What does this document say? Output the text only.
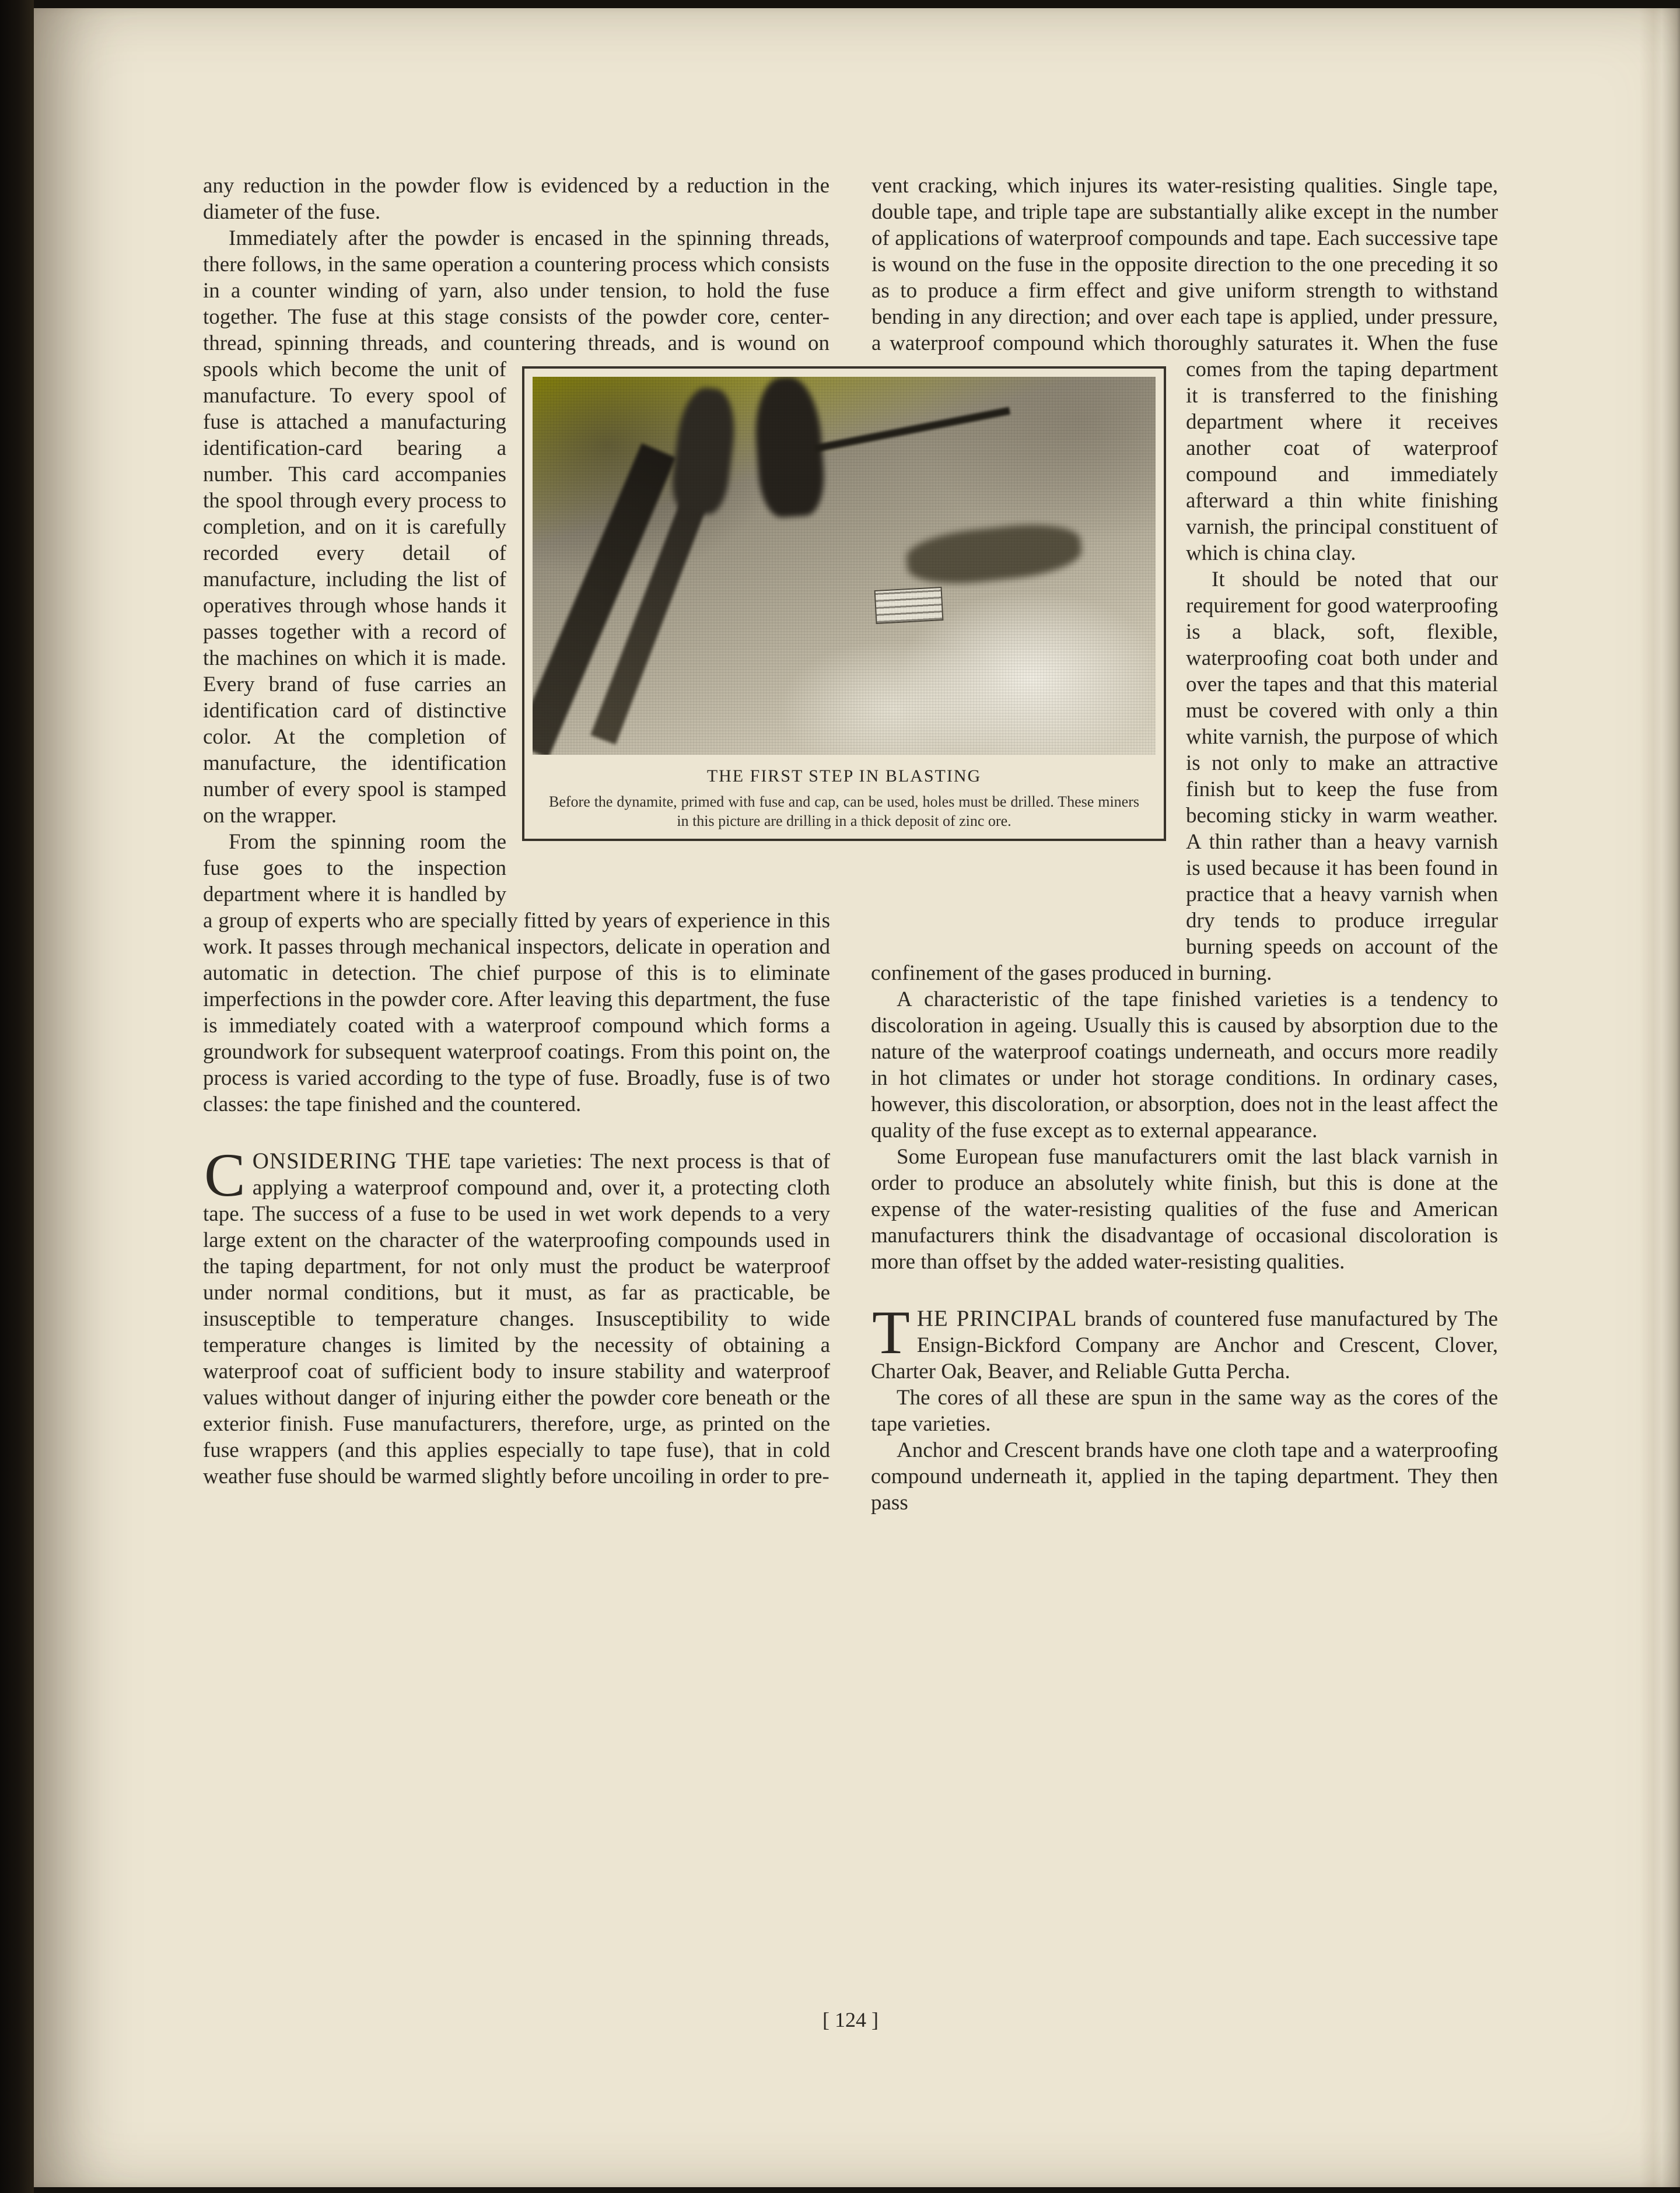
any reduction in the powder flow is evidenced by a reduction in the diameter of the fuse.

Immediately after the powder is encased in the spinning threads, there follows, in the same operation a countering process which consists in a counter winding of yarn, also under tension, to hold the fuse together. The fuse at this stage consists of the powder core, center-thread, spinning threads, and countering threads, and is wound on spools which become the unit of manufacture. To every spool of fuse is attached a manufacturing identification-card bearing a number. This card accompanies the spool through every process to completion, and on it is carefully recorded every detail of manufacture, including the list of operatives through whose hands it passes together with a record of the machines on which it is made. Every brand of fuse carries an identification card of distinctive color. At the completion of manufacture, the identification number of every spool is stamped on the wrapper.

From the spinning room the fuse goes to the inspection department where it is handled by a group of experts who are specially fitted by years of experience in this work. It passes through mechanical inspectors, delicate in operation and automatic in detection. The chief purpose of this is to eliminate imperfections in the powder core. After leaving this department, the fuse is immediately coated with a waterproof compound which forms a groundwork for subsequent waterproof coatings. From this point on, the process is varied according to the type of fuse. Broadly, fuse is of two classes: the tape finished and the countered.

CONSIDERING THE tape varieties: The next process is that of applying a waterproof compound and, over it, a protecting cloth tape. The success of a fuse to be used in wet work depends to a very large extent on the character of the waterproofing compounds used in the taping department, for not only must the product be waterproof under normal conditions, but it must, as far as practicable, be insusceptible to temperature changes. Insusceptibility to wide temperature changes is limited by the necessity of obtaining a waterproof coat of sufficient body to insure stability and waterproof values without danger of injuring either the powder core beneath or the exterior finish. Fuse manufacturers, therefore, urge, as printed on the fuse wrappers (and this applies especially to tape fuse), that in cold weather fuse should be warmed slightly before uncoiling in order to pre-

vent cracking, which injures its water-resisting qualities. Single tape, double tape, and triple tape are substantially alike except in the number of applications of waterproof compounds and tape. Each successive tape is wound on the fuse in the opposite direction to the one preceding it so as to produce a firm effect and give uniform strength to withstand bending in any direction; and over each tape is applied, under pressure, a waterproof compound which thoroughly saturates it. When the fuse comes from the taping department it is transferred to the finishing department where it receives another coat of waterproof compound and immediately afterward a thin white finishing varnish, the principal constituent of which is china clay.

It should be noted that our requirement for good waterproofing is a black, soft, flexible, waterproofing coat both under and over the tapes and that this material must be covered with only a thin white varnish, the purpose of which is not only to make an attractive finish but to keep the fuse from becoming sticky in warm weather. A thin rather than a heavy varnish is used because it has been found in practice that a heavy varnish when dry tends to produce irregular burning speeds on account of the confinement of the gases produced in burning.

A characteristic of the tape finished varieties is a tendency to discoloration in ageing. Usually this is caused by absorption due to the nature of the waterproof coatings underneath, and occurs more readily in hot climates or under hot storage conditions. In ordinary cases, however, this discoloration, or absorption, does not in the least affect the quality of the fuse except as to external appearance.

Some European fuse manufacturers omit the last black varnish in order to produce an absolutely white finish, but this is done at the expense of the water-resisting qualities of the fuse and American manufacturers think the disadvantage of occasional discoloration is more than offset by the added water-resisting qualities.

THE PRINCIPAL brands of countered fuse manufactured by The Ensign-Bickford Company are Anchor and Crescent, Clover, Charter Oak, Beaver, and Reliable Gutta Percha.

The cores of all these are spun in the same way as the cores of the tape varieties.

Anchor and Crescent brands have one cloth tape and a waterproofing compound underneath it, applied in the taping department. They then pass

THE FIRST STEP IN BLASTING
Before the dynamite, primed with fuse and cap, can be used, holes must be drilled. These miners in this picture are drilling in a thick deposit of zinc ore.
[ 124 ]
